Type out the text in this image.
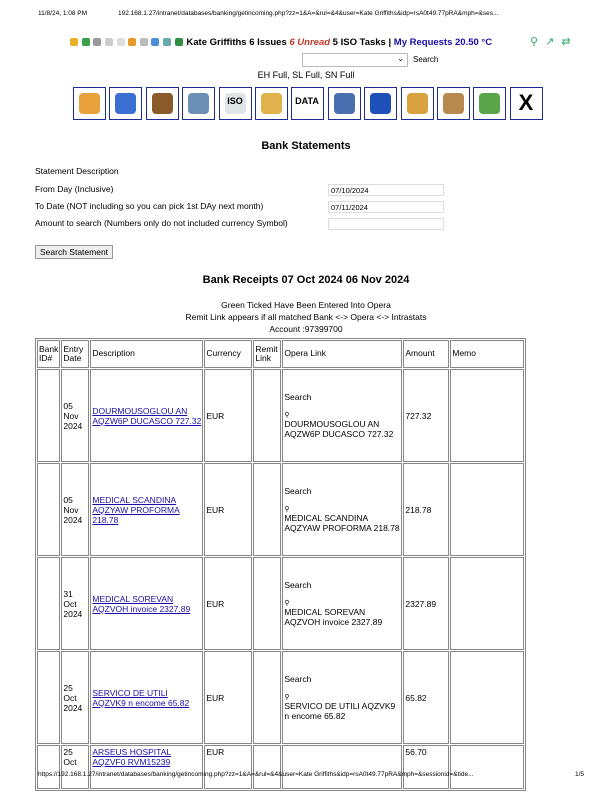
11/8/24, 1:08 PM	192.168.1.27/intranet/databases/banking/getincoming.php?zz=1&A=&rul=&4&user=Kate Griffiths&idp=rsA0t49.77pRA&mph=&ses...
Kate Griffiths 6 Issues 6 Unread 5 ISO Tasks | My Requests 20.50 °C	⚲ ↗ ⇄
⌄ Search
EH Full, SL Full, SN Full
ISO	DATA	X
Bank Statements
Statement Description
From Day (Inclusive)	07/10/2024
To Date (NOT including so you can pick 1st DAy next month)	07/11/2024
Amount to search (Numbers only do not included currency Symbol)
Search Statement
Bank Receipts 07 Oct 2024 06 Nov 2024
Green Ticked Have Been Entered Into Opera
Remit Link appears if all matched Bank <-> Opera <-> Intrastats
Account :97399700
Bank ID#	Entry Date	Description	Currency	Remit Link	Opera Link	Amount	Memo
	05 Nov 2024	DOURMOUSOGLOU AN AQZW6P DUCASCO 727.32	EUR		Search
⚲
DOURMOUSOGLOU AN AQZW6P DUCASCO 727.32	727.32	
	05 Nov 2024	MEDICAL SCANDINA AQZYAW PROFORMA 218.78	EUR		Search
⚲
MEDICAL SCANDINA AQZYAW PROFORMA 218.78	218.78	
	31 Oct 2024	MEDICAL SOREVAN AQZVOH invoice 2327.89	EUR		Search
⚲
MEDICAL SOREVAN AQZVOH invoice 2327.89	2327.89	
	25 Oct 2024	SERVICO DE UTILI AQZVK9 n encome 65.82	EUR		Search
⚲
SERVICO DE UTILI AQZVK9 n encome 65.82	65.82	
	25 Oct	ARSEUS HOSPITAL AQZVF0 RVM15239	EUR			56.70	
https://192.168.1.27/intranet/databases/banking/getincoming.php?zz=1&A=&rul=&4&user=Kate Griffiths&idp=rsA0t49.77pRA&mph=&sessionid=&tide...	1/5
